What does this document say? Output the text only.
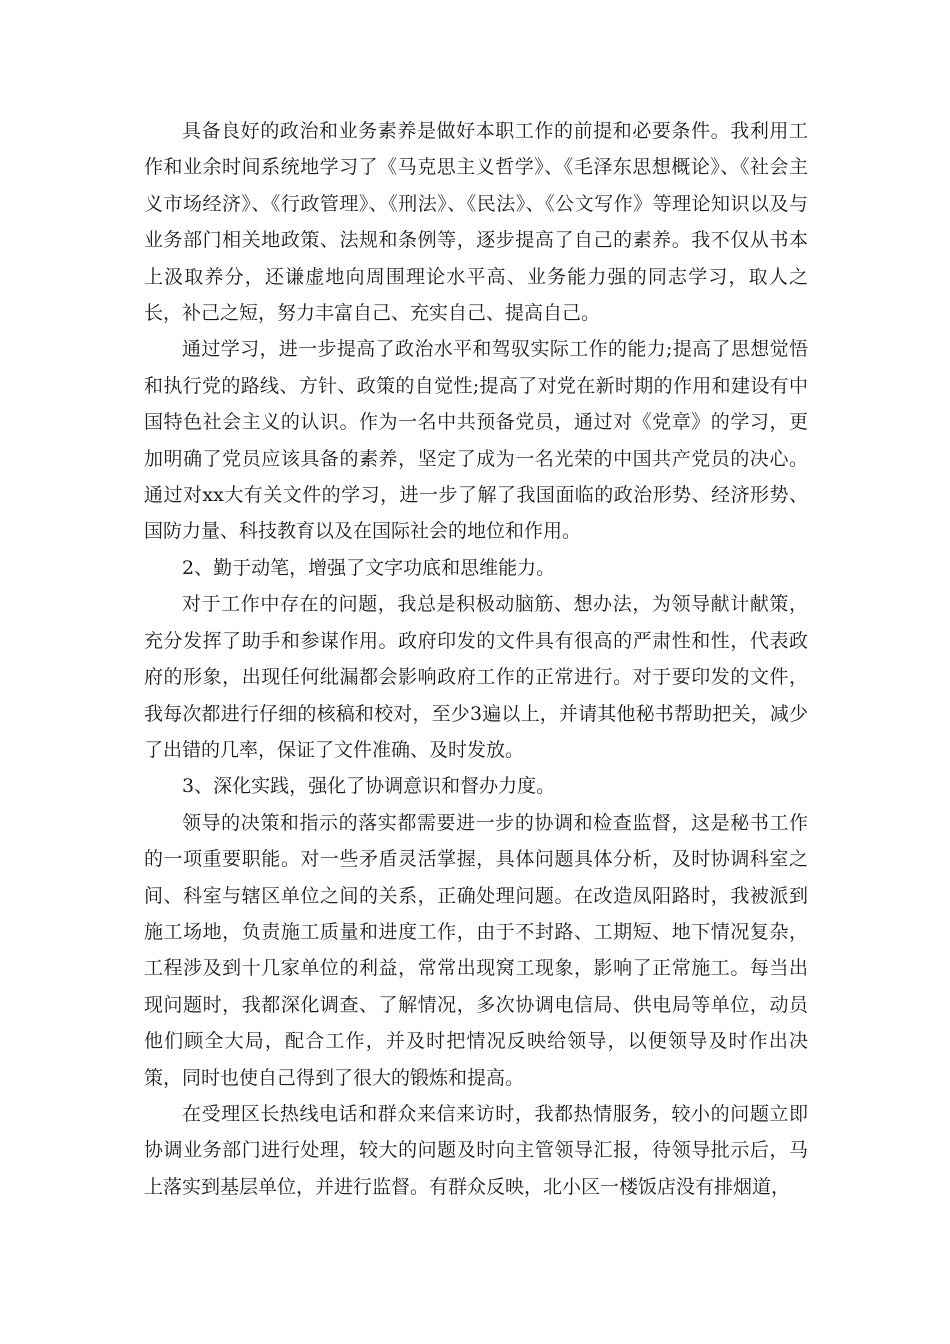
具备良好的政治和业务素养是做好本职工作的前提和必要条件。我利用工作和业余时间系统地学习了《马克思主义哲学》、《毛泽东思想概论》、《社会主义市场经济》、《行政管理》、《刑法》、《民法》、《公文写作》等理论知识以及与业务部门相关地政策、法规和条例等，逐步提高了自己的素养。我不仅从书本上汲取养分，还谦虚地向周围理论水平高、业务能力强的同志学习，取人之长，补己之短，努力丰富自己、充实自己、提高自己。

通过学习，进一步提高了政治水平和驾驭实际工作的能力;提高了思想觉悟和执行党的路线、方针、政策的自觉性;提高了对党在新时期的作用和建设有中国特色社会主义的认识。作为一名中共预备党员，通过对《党章》的学习，更加明确了党员应该具备的素养，坚定了成为一名光荣的中国共产党员的决心。通过对xx大有关文件的学习，进一步了解了我国面临的政治形势、经济形势、国防力量、科技教育以及在国际社会的地位和作用。

2、勤于动笔，增强了文字功底和思维能力。

对于工作中存在的问题，我总是积极动脑筋、想办法，为领导献计献策，充分发挥了助手和参谋作用。政府印发的文件具有很高的严肃性和性，代表政府的形象，出现任何纰漏都会影响政府工作的正常进行。对于要印发的文件，我每次都进行仔细的核稿和校对，至少3遍以上，并请其他秘书帮助把关，减少了出错的几率，保证了文件准确、及时发放。

3、深化实践，强化了协调意识和督办力度。

领导的决策和指示的落实都需要进一步的协调和检查监督，这是秘书工作的一项重要职能。对一些矛盾灵活掌握，具体问题具体分析，及时协调科室之间、科室与辖区单位之间的关系，正确处理问题。在改造凤阳路时，我被派到施工场地，负责施工质量和进度工作，由于不封路、工期短、地下情况复杂，工程涉及到十几家单位的利益，常常出现窝工现象，影响了正常施工。每当出现问题时，我都深化调查、了解情况，多次协调电信局、供电局等单位，动员他们顾全大局，配合工作，并及时把情况反映给领导，以便领导及时作出决策，同时也使自己得到了很大的锻炼和提高。

在受理区长热线电话和群众来信来访时，我都热情服务，较小的问题立即协调业务部门进行处理，较大的问题及时向主管领导汇报，待领导批示后，马上落实到基层单位，并进行监督。有群众反映，北小区一楼饭店没有排烟道，
